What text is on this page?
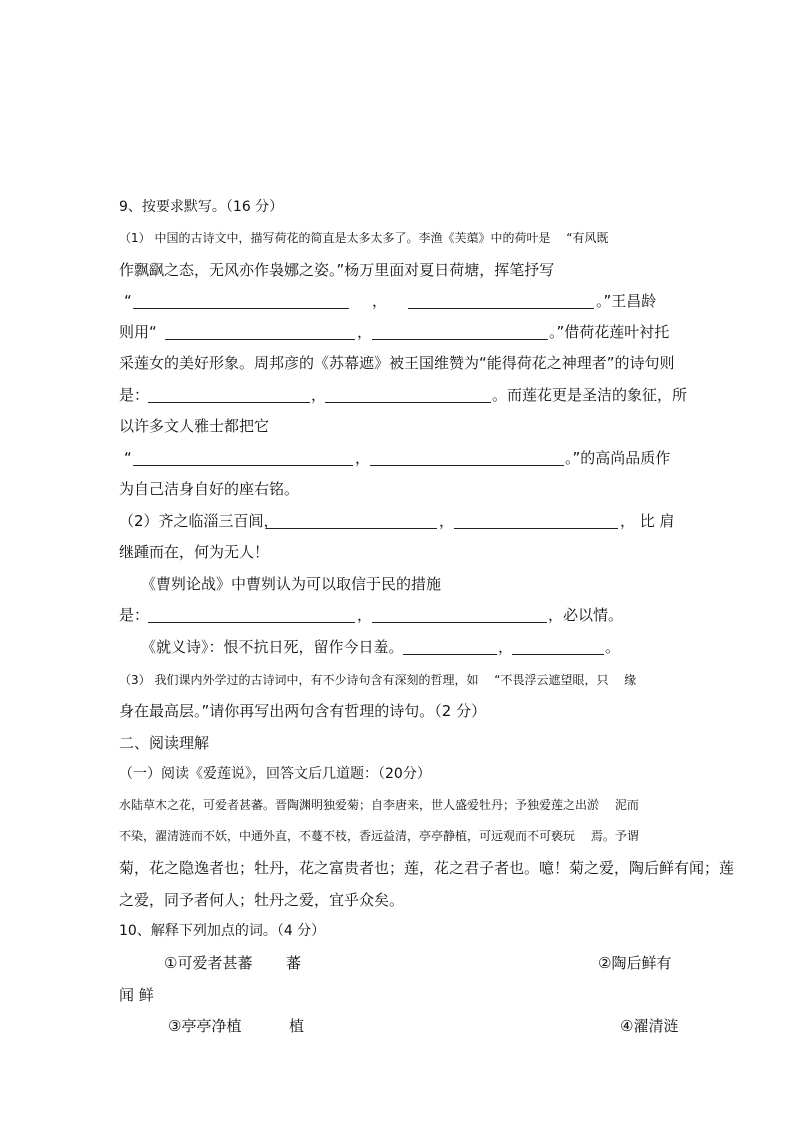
9、按要求默写。（16 分）
（1） 中国的古诗文中，描写荷花的简直是太多太多了。李渔《芙蕖》中的荷叶是　 “有风既
作飘飖之态，无风亦作袅娜之姿。”杨万里面对夏日荷塘，挥笔抒写
“	，	。”王昌龄
则用“	，	。”借荷花莲叶衬托
采莲女的美好形象。周邦彦的《苏幕遮》被王国维赞为“能得荷花之神理者”的诗句则
是：	，	。而莲花更是圣洁的象征，所
以许多文人雅士都把它
“	，	。”的高尚品质作
为自己洁身自好的座右铭。
（2）齐之临淄三百闾，	，	， 比 肩
继踵而在，何为无人！
《曹刿论战》中曹刿认为可以取信于民的措施
是：	，	，必以情。
《就义诗》：恨不抗日死，留作今日羞。	，	。
（3） 我们课内外学过的古诗词中，有不少诗句含有深刻的哲理，如　 “不畏浮云遮望眼，只　 缘
身在最高层。”请你再写出两句含有哲理的诗句。（2 分）
二、阅读理解
（一）阅读《爱莲说》，回答文后几道题：（20分）
水陆草木之花，可爱者甚蕃。晋陶渊明独爱菊；自李唐来，世人盛爱牡丹；予独爱莲之出淤　 泥而
不染，濯清涟而不妖，中通外直，不蔓不枝，香远益清，亭亭静植，可远观而不可亵玩　 焉。予谓
菊，花之隐逸者也；牡丹，花之富贵者也；莲，花之君子者也。噫！菊之爱，陶后鲜有闻；莲
之爱，同予者何人；牡丹之爱，宜乎众矣。
10、解释下列加点的词。（4 分）
①可爱者甚蕃 蕃	②陶后鲜有
闻 鲜
③亭亭净植	植	④濯清涟
